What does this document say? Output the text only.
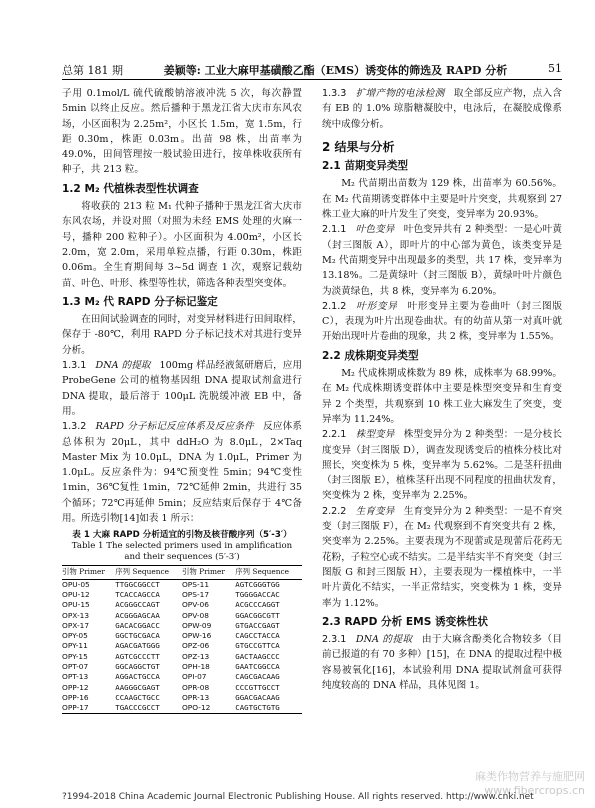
总第 181 期	姜颖等: 工业大麻甲基磺酸乙酯（EMS）诱变体的筛选及 RAPD 分析	51

子用 0.1mol/L 硫代硫酸钠溶液冲洗 5 次，每次静置 5min 以终止反应。然后播种于黑龙江省大庆市东风农场，小区面积为 2.25m²，小区长 1.5m，宽 1.5m，行距 0.30m，株距 0.03m。出苗 98 株，出苗率为 49.0%，田间管理按一般试验田进行，按单株收获所有种子，共 213 粒。

1.2 M₂ 代植株表型性状调查

将收获的 213 粒 M₁ 代种子播种于黑龙江省大庆市东风农场，并设对照（对照为未经 EMS 处理的火麻一号，播种 200 粒种子）。小区面积为 4.00m²，小区长 2.0m，宽 2.0m，采用单粒点播，行距 0.30m，株距 0.06m。全生育期间每 3~5d 调查 1 次，观察记载幼苗、叶色、叶形、株型等性状，筛选各种表型突变体。

1.3 M₂ 代 RAPD 分子标记鉴定

在田间试验调查的同时，对变异材料进行田间取样，保存于 -80℃，利用 RAPD 分子标记技术对其进行变异分析。

1.3.1 DNA 的提取 100mg 样品经液氮研磨后，应用 ProbeGene 公司的植物基因组 DNA 提取试剂盒进行 DNA 提取，最后溶于 100μL 洗脱缓冲液 EB 中，备用。

1.3.2 RAPD 分子标记反应体系及反应条件 反应体系总体积为 20μL，其中 ddH₂O 为 8.0μL，2×Taq Master Mix 为 10.0μL，DNA 为 1.0μL，Primer 为 1.0μL。反应条件为：94℃预变性 5min；94℃变性 1min，36℃复性 1min，72℃延伸 2min，共进行 35 个循环；72℃再延伸 5min；反应结束后保存于 4℃备用。所选引物[14]如表 1 所示：

表 1 大麻 RAPD 分析适宜的引物及核苷酸序列（5′-3′）
Table 1 The selected primers used in amplification
and their sequences (5′-3′)
引物 Primer	序列 Sequence	引物 Primer	序列 Sequence
OPU-05	TTGGCGGCCT	OPS-11	AGTCGGGTGG
OPU-12	TCACCAGCCA	OPS-17	TGGGGACCAC
OPU-15	ACGGGCCAGT	OPV-06	ACGCCCAGGT
OPX-13	ACGGGAGCAA	OPV-08	GGACGGCGTT
OPX-17	GACACGGACC	OPW-09	GTGACCGAGT
OPY-05	GGCTGCGACA	OPW-16	CAGCCTACCA
OPY-11	AGACGATGGG	OPZ-06	GTGCCGTTCA
OPY-15	AGTCGCCCTT	OPZ-13	GACTAAGCCC
OPT-07	GGCAGGCTGT	OPH-18	GAATCGGCCA
OPT-13	AGGACTGCCA	OPI-07	CAGCGACAAG
OPP-12	AAGGGCGAGT	OPR-08	CCCGTTGCCT
OPP-16	CCAAGCTGCC	OPR-13	GGACGACAAG
OPP-17	TGACCCGCCT	OPO-12	CAGTGCTGTG

1.3.3 扩增产物的电泳检测 取全部反应产物，点入含有 EB 的 1.0% 琼脂糖凝胶中，电泳后，在凝胶成像系统中成像分析。

2 结果与分析
2.1 苗期变异类型

M₂ 代苗期出苗数为 129 株，出苗率为 60.56%。在 M₂ 代苗期诱变群体中主要是叶片突变，共观察到 27 株工业大麻的叶片发生了突变，变异率为 20.93%。

2.1.1 叶色变异 叶色变异共有 2 种类型：一是心叶黄（封三图版 A），即叶片的中心部为黄色，该类变异是 M₂ 代苗期变异中出现最多的类型，共 17 株，变异率为 13.18%。二是黄绿叶（封三图版 B），黄绿叶叶片颜色为淡黄绿色，共 8 株，变异率为 6.20%。

2.1.2 叶形变异 叶形变异主要为卷曲叶（封三图版 C），表现为叶片出现卷曲状。有的幼苗从第一对真叶就开始出现叶片卷曲的现象，共 2 株，变异率为 1.55%。

2.2 成株期变异类型

M₂ 代成株期成株数为 89 株，成株率为 68.99%。在 M₂ 代成株期诱变群体中主要是株型突变异和生育变异 2 个类型，共观察到 10 株工业大麻发生了突变，变异率为 11.24%。

2.2.1 株型变异 株型变异分为 2 种类型：一是分枝长度变异（封三图版 D），调查发现诱变后的植株分枝比对照长，突变株为 5 株，变异率为 5.62%。二是茎秆扭曲（封三图版 E），植株茎秆出现不同程度的扭曲状发育，突变株为 2 株，变异率为 2.25%。

2.2.2 生育变异 生育变异分为 2 种类型：一是不育突变（封三图版 F），在 M₂ 代观察到不育突变共有 2 株，突变率为 2.25%。主要表现为不现蕾或是现蕾后花药无花粉，子粒空心或不结实。二是半结实半不育突变（封三图版 G 和封三图版 H），主要表现为一棵植株中，一半叶片黄化不结实，一半正常结实，突变株为 1 株，变异率为 1.12%。

2.3 RAPD 分析 EMS 诱变株性状

2.3.1 DNA 的提取 由于大麻含酚类化合物较多（目前已报道的有 70 多种）[15]，在 DNA 的提取过程中极容易被氧化[16]，本试验利用 DNA 提取试剂盒可获得纯度较高的 DNA 样品，具体见图 1。

麻类作物营养与施肥网
www.fibercrops.cn
?1994-2018 China Academic Journal Electronic Publishing House. All rights reserved. http://www.cnki.net
